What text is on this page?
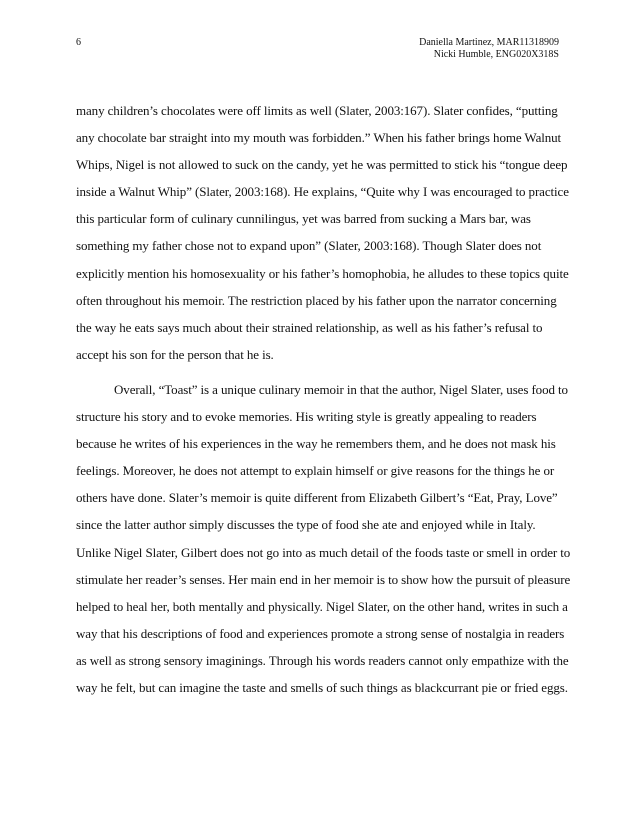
6	Daniella Martinez, MAR11318909
Nicki Humble, ENG020X318S
many children’s chocolates were off limits as well (Slater, 2003:167). Slater confides, “putting
any chocolate bar straight into my mouth was forbidden.” When his father brings home Walnut
Whips, Nigel is not allowed to suck on the candy, yet he was permitted to stick his “tongue deep
inside a Walnut Whip” (Slater, 2003:168). He explains, “Quite why I was encouraged to practice
this particular form of culinary cunnilingus, yet was barred from sucking a Mars bar, was
something my father chose not to expand upon” (Slater, 2003:168). Though Slater does not
explicitly mention his homosexuality or his father’s homophobia, he alludes to these topics quite
often throughout his memoir. The restriction placed by his father upon the narrator concerning
the way he eats says much about their strained relationship, as well as his father’s refusal to
accept his son for the person that he is.
Overall, “Toast” is a unique culinary memoir in that the author, Nigel Slater, uses food to
structure his story and to evoke memories. His writing style is greatly appealing to readers
because he writes of his experiences in the way he remembers them, and he does not mask his
feelings. Moreover, he does not attempt to explain himself or give reasons for the things he or
others have done. Slater’s memoir is quite different from Elizabeth Gilbert’s “Eat, Pray, Love”
since the latter author simply discusses the type of food she ate and enjoyed while in Italy.
Unlike Nigel Slater, Gilbert does not go into as much detail of the foods taste or smell in order to
stimulate her reader’s senses. Her main end in her memoir is to show how the pursuit of pleasure
helped to heal her, both mentally and physically. Nigel Slater, on the other hand, writes in such a
way that his descriptions of food and experiences promote a strong sense of nostalgia in readers
as well as strong sensory imaginings. Through his words readers cannot only empathize with the
way he felt, but can imagine the taste and smells of such things as blackcurrant pie or fried eggs.
